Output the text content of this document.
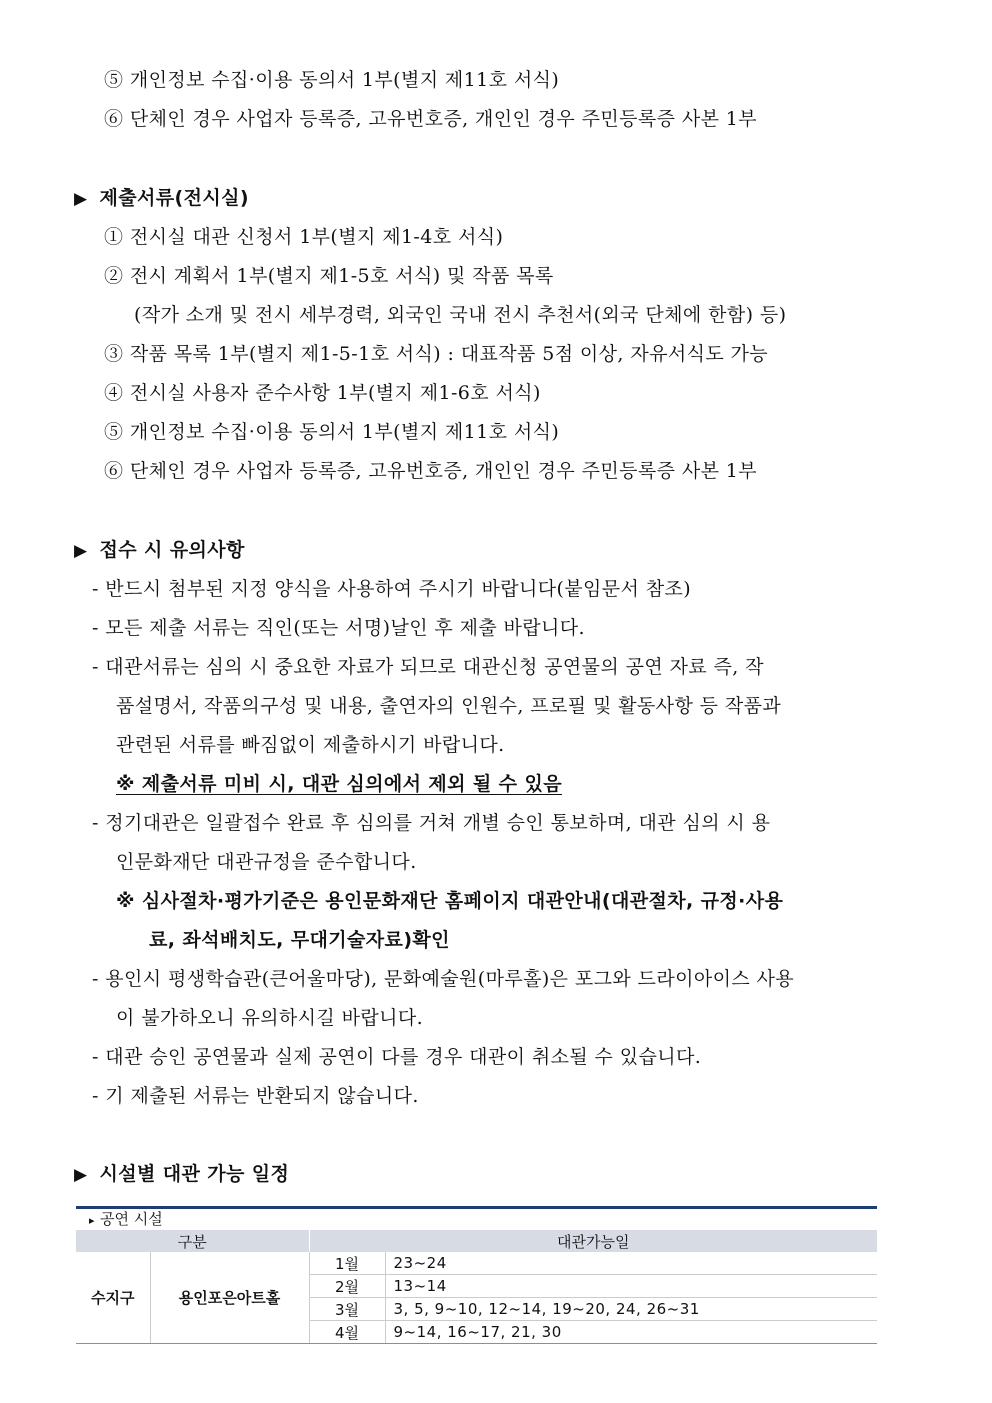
⑤ 개인정보 수집·이용 동의서 1부(별지 제11호 서식)
⑥ 단체인 경우 사업자 등록증, 고유번호증, 개인인 경우 주민등록증 사본 1부
▶ 제출서류(전시실)
① 전시실 대관 신청서 1부(별지 제1-4호 서식)
② 전시 계획서 1부(별지 제1-5호 서식) 및 작품 목록
(작가 소개 및 전시 세부경력, 외국인 국내 전시 추천서(외국 단체에 한함) 등)
③ 작품 목록 1부(별지 제1-5-1호 서식) : 대표작품 5점 이상, 자유서식도 가능
④ 전시실 사용자 준수사항 1부(별지 제1-6호 서식)
⑤ 개인정보 수집·이용 동의서 1부(별지 제11호 서식)
⑥ 단체인 경우 사업자 등록증, 고유번호증, 개인인 경우 주민등록증 사본 1부
▶ 접수 시 유의사항
- 반드시 첨부된 지정 양식을 사용하여 주시기 바랍니다(붙임문서 참조)
- 모든 제출 서류는 직인(또는 서명)날인 후 제출 바랍니다.
- 대관서류는 심의 시 중요한 자료가 되므로 대관신청 공연물의 공연 자료 즉, 작
품설명서, 작품의구성 및 내용, 출연자의 인원수, 프로필 및 활동사항 등 작품과
관련된 서류를 빠짐없이 제출하시기 바랍니다.
※ 제출서류 미비 시, 대관 심의에서 제외 될 수 있음
- 정기대관은 일괄접수 완료 후 심의를 거쳐 개별 승인 통보하며, 대관 심의 시 용
인문화재단 대관규정을 준수합니다.
※ 심사절차·평가기준은 용인문화재단 홈페이지 대관안내(대관절차, 규정·사용
료, 좌석배치도, 무대기술자료)확인
- 용인시 평생학습관(큰어울마당), 문화예술원(마루홀)은 포그와 드라이아이스 사용
이 불가하오니 유의하시길 바랍니다.
- 대관 승인 공연물과 실제 공연이 다를 경우 대관이 취소될 수 있습니다.
- 기 제출된 서류는 반환되지 않습니다.
▶ 시설별 대관 가능 일정
▸ 공연 시설
구분		대관가능일	
수지구	용인포은아트홀	1월	23~24
		2월	13~14
		3월	3, 5, 9~10, 12~14, 19~20, 24, 26~31
		4월	9~14, 16~17, 21, 30
